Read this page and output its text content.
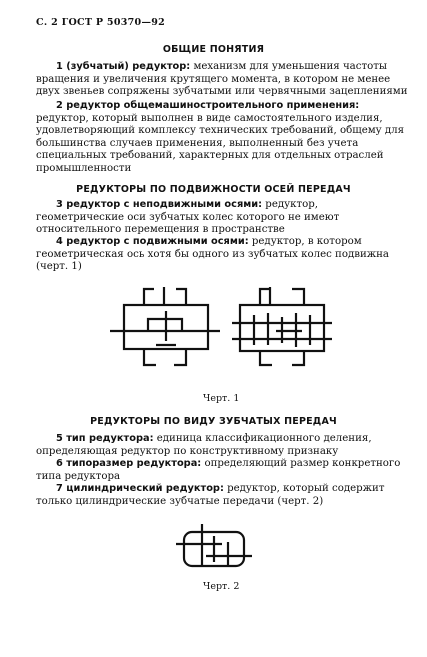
С. 2 ГОСТ Р 50370—92
ОБЩИЕ ПОНЯТИЯ
1 (зубчатый) редуктор: механизм для уменьшения частоты вращения и увеличения крутящего момента, в котором не менее двух звеньев сопряжены зубчатыми или червячными зацеплениями
2 редуктор общемашиностроительного применения: редуктор, который выполнен в виде самостоятельного изделия, удовлетворяющий комплексу технических требований, общему для большинства случаев применения, выполненный без учета специальных требований, характерных для отдельных отраслей промышленности
РЕДУКТОРЫ ПО ПОДВИЖНОСТИ ОСЕЙ ПЕРЕДАЧ
3 редуктор с неподвижными осями: редуктор, геометрические оси зубчатых колес которого не имеют относительного перемещения в пространстве
4 редуктор с подвижными осями: редуктор, в котором геометрическая ось хотя бы одного из зубчатых колес подвижна (черт. 1)
Черт. 1
РЕДУКТОРЫ ПО ВИДУ ЗУБЧАТЫХ ПЕРЕДАЧ
5 тип редуктора: единица классификационного деления, определяющая редуктор по конструктивному признаку
6 типоразмер редуктора: определяющий размер конкретного типа редуктора
7 цилиндрический редуктор: редуктор, который содержит только цилиндрические зубчатые передачи (черт. 2)
Черт. 2
